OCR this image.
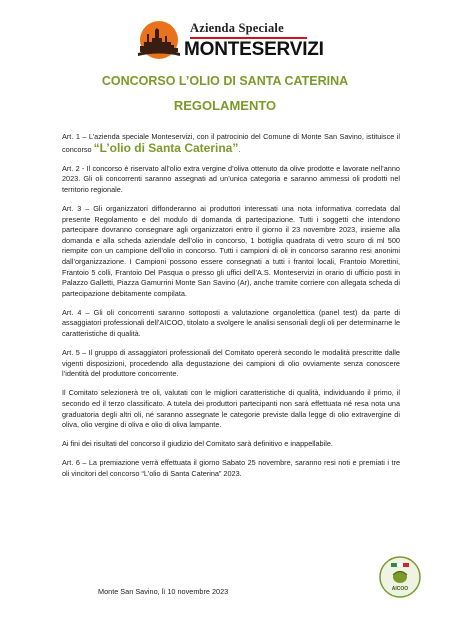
Azienda Speciale
MONTESERVIZI
CONCORSO L’OLIO DI SANTA CATERINA
REGOLAMENTO

Art. 1 – L’azienda speciale Monteservizi, con il patrocinio del Comune di Monte San Savino, istituisce il concorso “L’olio di Santa Caterina”.

Art. 2 - Il concorso è riservato all’olio extra vergine d’oliva ottenuto da olive prodotte e lavorate nell’anno 2023. Gli oli concorrenti saranno assegnati ad un’unica categoria e saranno ammessi oli prodotti nel territorio regionale.

Art. 3 – Gli organizzatori diffonderanno ai produttori interessati una nota informativa corredata dal presente Regolamento e del modulo di domanda di partecipazione. Tutti i soggetti che intendono partecipare dovranno consegnare agli organizzatori entro il giorno il 23 novembre 2023, insieme alla domanda e alla scheda aziendale dell’olio in concorso, 1 bottiglia quadrata di vetro scuro di ml 500 riempite con un campione dell’olio in concorso. Tutti i campioni di oli in concorso saranno resi anonimi dall’organizzazione. I Campioni possono essere consegnati a tutti i frantoi locali, Frantoio Morettini, Frantoio 5 colli, Frantoio Del Pasqua o presso gli uffici dell’A.S. Monteservizi in orario di ufficio posti in Palazzo Galletti, Piazza Gamurrini Monte San Savino (Ar), anche tramite corriere con allegata scheda di partecipazione debitamente compilata.

Art. 4 – Gli oli concorrenti saranno sottoposti a valutazione organolettica (panel test) da parte di assaggiatori professionali dell’AICOO, titolato a svolgere le analisi sensoriali degli oli per determinarne le caratteristiche di qualità.

Art. 5 – Il gruppo di assaggiatori professionali del Comitato opererà secondo le modalità prescritte dalle vigenti disposizioni, procedendo alla degustazione dei campioni di olio ovviamente senza conoscere l’identità del produttore concorrente.

Il Comitato selezionerà tre oli, valutati con le migliori caratteristiche di qualità, individuando il primo, il secondo ed il terzo classificato. A tutela dei produttori partecipanti non sarà effettuata né resa nota una graduatoria degli altri oli, né saranno assegnate le categorie previste dalla legge di olio extravergine di oliva, olio vergine di oliva e olio di oliva lampante.

Ai fini dei risultati del concorso il giudizio del Comitato sarà definitivo e inappellabile.

Art. 6 – La premiazione verrà effettuata il giorno Sabato 25 novembre, saranno resi noti e premiati i tre oli vincitori del concorso “L’olio di Santa Caterina” 2023.

Monte San Savino, lì 10 novembre 2023	AICOO
